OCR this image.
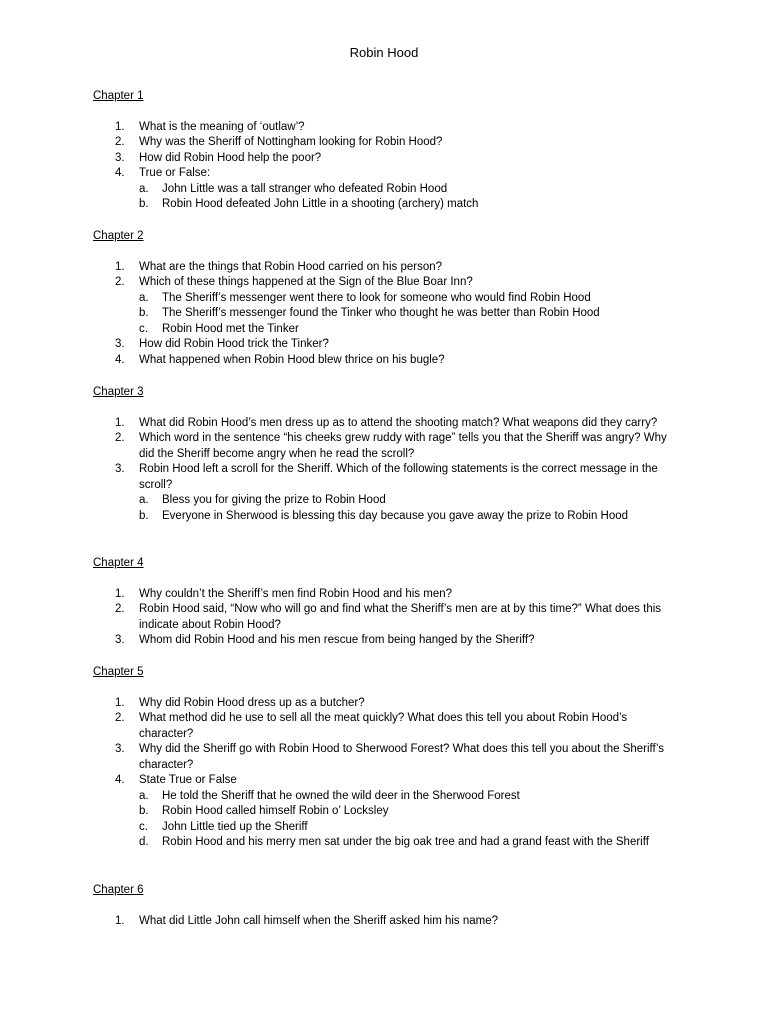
Robin Hood
Chapter 1
1.	What is the meaning of ‘outlaw’?
2.	Why was the Sheriff of Nottingham looking for Robin Hood?
3.	How did Robin Hood help the poor?
4.	True or False:
a.	John Little was a tall stranger who defeated Robin Hood
b.	Robin Hood defeated John Little in a shooting (archery) match
Chapter 2
1.	What are the things that Robin Hood carried on his person?
2.	Which of these things happened at the Sign of the Blue Boar Inn?
a.	The Sheriff’s messenger went there to look for someone who would find Robin Hood
b.	The Sheriff’s messenger found the Tinker who thought he was better than Robin Hood
c.	Robin Hood met the Tinker
3.	How did Robin Hood trick the Tinker?
4.	What happened when Robin Hood blew thrice on his bugle?
Chapter 3
1.	What did Robin Hood’s men dress up as to attend the shooting match? What weapons did they carry?
2.	Which word in the sentence “his cheeks grew ruddy with rage” tells you that the Sheriff was angry? Why did the Sheriff become angry when he read the scroll?
3.	Robin Hood left a scroll for the Sheriff. Which of the following statements is the correct message in the scroll?
a.	Bless you for giving the prize to Robin Hood
b.	Everyone in Sherwood is blessing this day because you gave away the prize to Robin Hood
Chapter 4
1.	Why couldn’t the Sheriff’s men find Robin Hood and his men?
2.	Robin Hood said, “Now who will go and find what the Sheriff’s men are at by this time?” What does this indicate about Robin Hood?
3.	Whom did Robin Hood and his men rescue from being hanged by the Sheriff?
Chapter 5
1.	Why did Robin Hood dress up as a butcher?
2.	What method did he use to sell all the meat quickly? What does this tell you about Robin Hood’s character?
3.	Why did the Sheriff go with Robin Hood to Sherwood Forest? What does this tell you about the Sheriff’s character?
4.	State True or False
a.	He told the Sheriff that he owned the wild deer in the Sherwood Forest
b.	Robin Hood called himself Robin o’ Locksley
c.	John Little tied up the Sheriff
d.	Robin Hood and his merry men sat under the big oak tree and had a grand feast with the Sheriff
Chapter 6
1.	What did Little John call himself when the Sheriff asked him his name?
